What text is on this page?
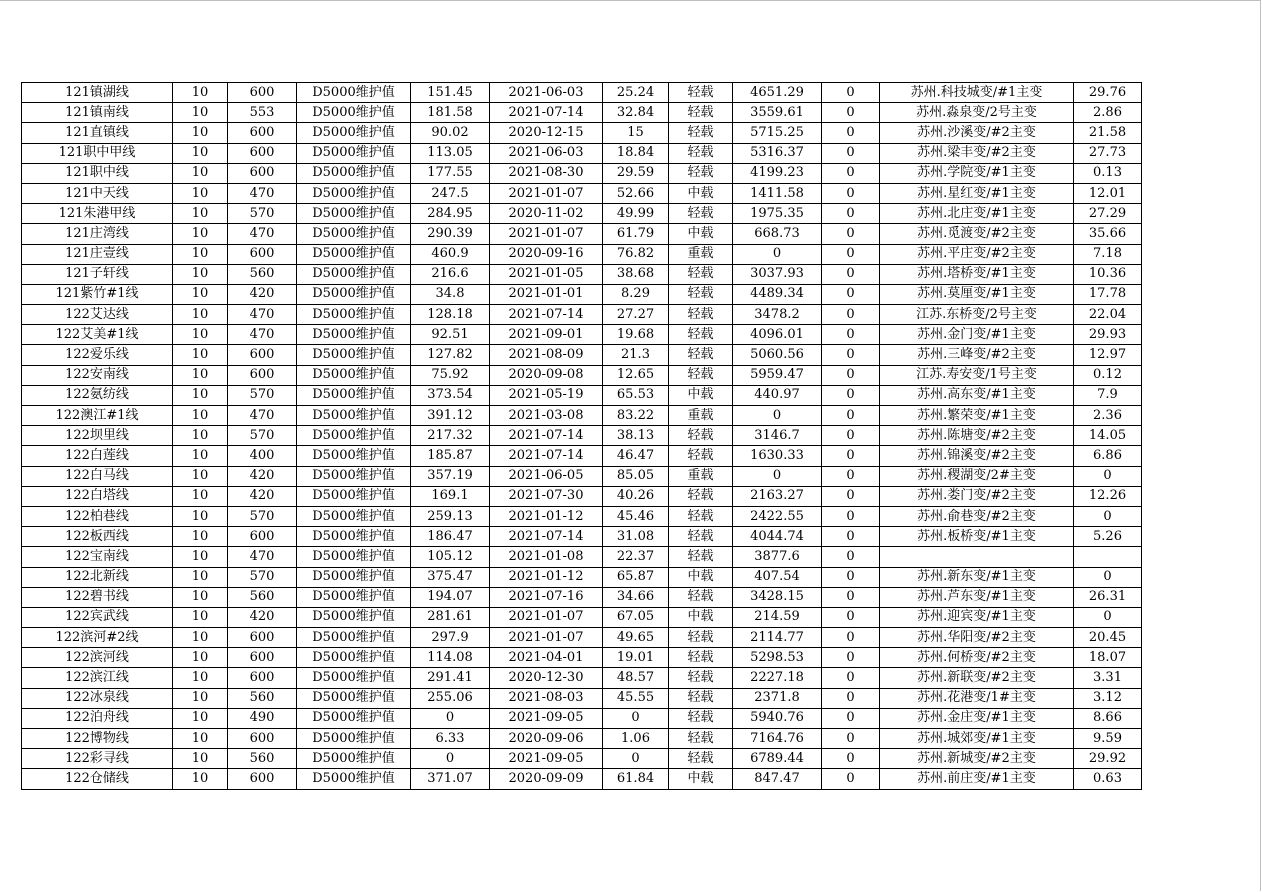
121镇湖线	10	600	D5000维护值	151.45	2021-06-03	25.24	轻载	4651.29	0	苏州.科技城变/#1主变	29.76
121镇南线	10	553	D5000维护值	181.58	2021-07-14	32.84	轻载	3559.61	0	苏州.淼泉变/2号主变	2.86
121直镇线	10	600	D5000维护值	90.02	2020-12-15	15	轻载	5715.25	0	苏州.沙溪变/#2主变	21.58
121职中甲线	10	600	D5000维护值	113.05	2021-06-03	18.84	轻载	5316.37	0	苏州.梁丰变/#2主变	27.73
121职中线	10	600	D5000维护值	177.55	2021-08-30	29.59	轻载	4199.23	0	苏州.学院变/#1主变	0.13
121中天线	10	470	D5000维护值	247.5	2021-01-07	52.66	中载	1411.58	0	苏州.星红变/#1主变	12.01
121朱港甲线	10	570	D5000维护值	284.95	2020-11-02	49.99	轻载	1975.35	0	苏州.北庄变/#1主变	27.29
121庄湾线	10	470	D5000维护值	290.39	2021-01-07	61.79	中载	668.73	0	苏州.觅渡变/#2主变	35.66
121庄壹线	10	600	D5000维护值	460.9	2020-09-16	76.82	重载	0	0	苏州.平庄变/#2主变	7.18
121子轩线	10	560	D5000维护值	216.6	2021-01-05	38.68	轻载	3037.93	0	苏州.塔桥变/#1主变	10.36
121紫竹#1线	10	420	D5000维护值	34.8	2021-01-01	8.29	轻载	4489.34	0	苏州.莫厘变/#1主变	17.78
122艾达线	10	470	D5000维护值	128.18	2021-07-14	27.27	轻载	3478.2	0	江苏.东桥变/2号主变	22.04
122艾美#1线	10	470	D5000维护值	92.51	2021-09-01	19.68	轻载	4096.01	0	苏州.金门变/#1主变	29.93
122爱乐线	10	600	D5000维护值	127.82	2021-08-09	21.3	轻载	5060.56	0	苏州.三峰变/#2主变	12.97
122安南线	10	600	D5000维护值	75.92	2020-09-08	12.65	轻载	5959.47	0	江苏.寿安变/1号主变	0.12
122氨纺线	10	570	D5000维护值	373.54	2021-05-19	65.53	中载	440.97	0	苏州.高东变/#1主变	7.9
122澳江#1线	10	470	D5000维护值	391.12	2021-03-08	83.22	重载	0	0	苏州.繁荣变/#1主变	2.36
122坝里线	10	570	D5000维护值	217.32	2021-07-14	38.13	轻载	3146.7	0	苏州.陈塘变/#2主变	14.05
122白莲线	10	400	D5000维护值	185.87	2021-07-14	46.47	轻载	1630.33	0	苏州.锦溪变/#2主变	6.86
122白马线	10	420	D5000维护值	357.19	2021-06-05	85.05	重载	0	0	苏州.稷湖变/2#主变	0
122白塔线	10	420	D5000维护值	169.1	2021-07-30	40.26	轻载	2163.27	0	苏州.娄门变/#2主变	12.26
122柏巷线	10	570	D5000维护值	259.13	2021-01-12	45.46	轻载	2422.55	0	苏州.俞巷变/#2主变	0
122板西线	10	600	D5000维护值	186.47	2021-07-14	31.08	轻载	4044.74	0	苏州.板桥变/#1主变	5.26
122宝南线	10	470	D5000维护值	105.12	2021-01-08	22.37	轻载	3877.6	0		
122北新线	10	570	D5000维护值	375.47	2021-01-12	65.87	中载	407.54	0	苏州.新东变/#1主变	0
122碧书线	10	560	D5000维护值	194.07	2021-07-16	34.66	轻载	3428.15	0	苏州.芦东变/#1主变	26.31
122宾武线	10	420	D5000维护值	281.61	2021-01-07	67.05	中载	214.59	0	苏州.迎宾变/#1主变	0
122滨河#2线	10	600	D5000维护值	297.9	2021-01-07	49.65	轻载	2114.77	0	苏州.华阳变/#2主变	20.45
122滨河线	10	600	D5000维护值	114.08	2021-04-01	19.01	轻载	5298.53	0	苏州.何桥变/#2主变	18.07
122滨江线	10	600	D5000维护值	291.41	2020-12-30	48.57	轻载	2227.18	0	苏州.新联变/#2主变	3.31
122冰泉线	10	560	D5000维护值	255.06	2021-08-03	45.55	轻载	2371.8	0	苏州.花港变/1#主变	3.12
122泊舟线	10	490	D5000维护值	0	2021-09-05	0	轻载	5940.76	0	苏州.金庄变/#1主变	8.66
122博物线	10	600	D5000维护值	6.33	2020-09-06	1.06	轻载	7164.76	0	苏州.城郊变/#1主变	9.59
122彩寻线	10	560	D5000维护值	0	2021-09-05	0	轻载	6789.44	0	苏州.新城变/#2主变	29.92
122仓储线	10	600	D5000维护值	371.07	2020-09-09	61.84	中载	847.47	0	苏州.前庄变/#1主变	0.63
